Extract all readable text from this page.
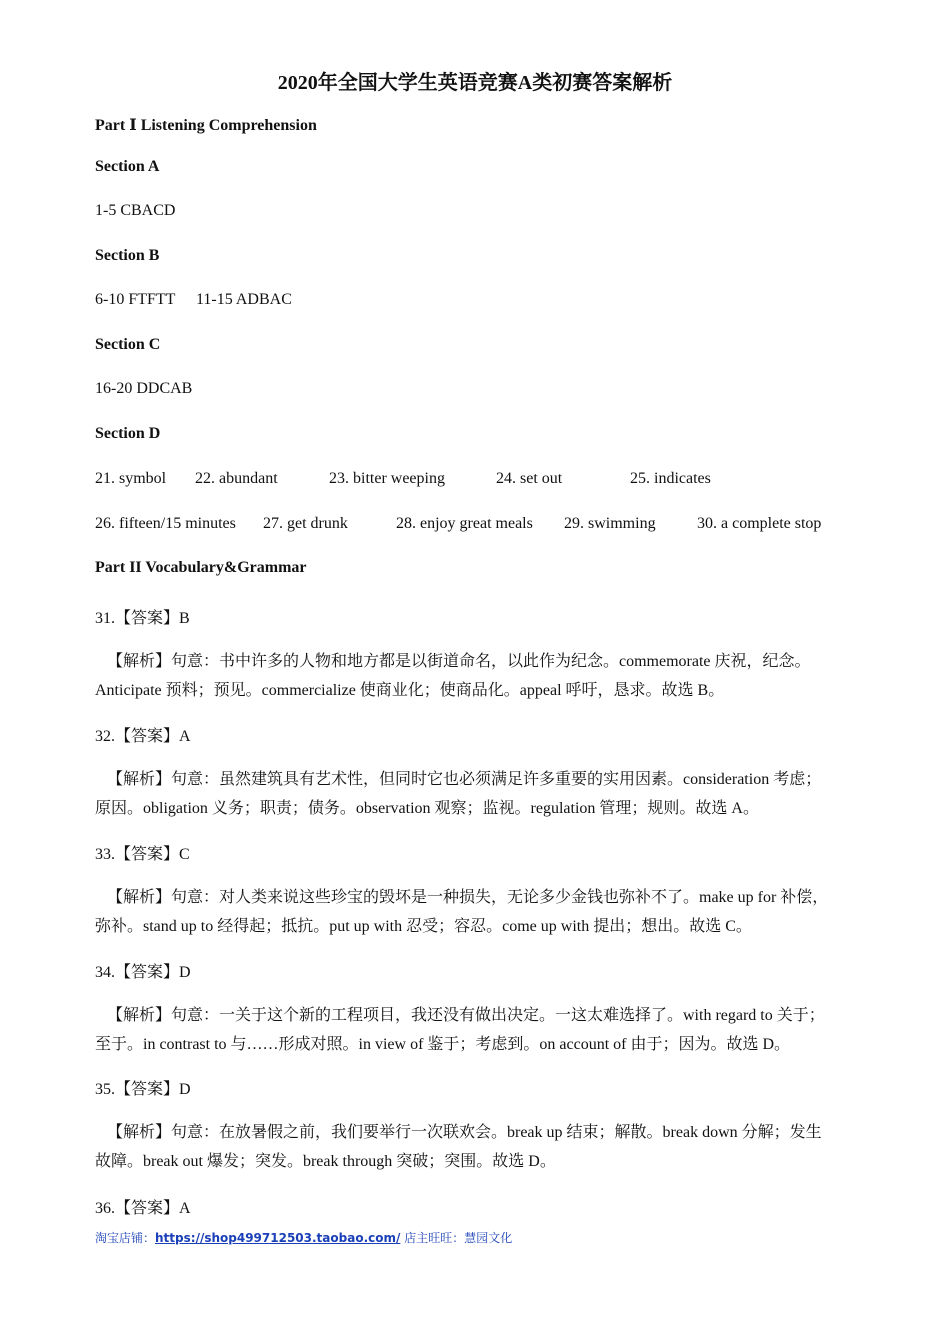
2020年全国大学生英语竞赛A类初赛答案解析
Part Ⅰ Listening Comprehension
Section A
1-5 CBACD
Section B
6-10 FTFTT 11-15 ADBAC
Section C
16-20 DDCAB
Section D
21. symbol 22. abundant	23. bitter weeping	24. set out	25. indicates
26. fifteen/15 minutes 27. get drunk	28. enjoy great meals 29. swimming	30. a complete stop
Part II Vocabulary&Grammar
31.【答案】B
【解析】句意：书中许多的人物和地方都是以街道命名，以此作为纪念。commemorate 庆祝，纪念。
Anticipate 预料；预见。commercialize 使商业化；使商品化。appeal 呼吁，恳求。故选 B。
32.【答案】A
【解析】句意：虽然建筑具有艺术性，但同时它也必须满足许多重要的实用因素。consideration 考虑；
原因。obligation 义务；职责；债务。observation 观察；监视。regulation 管理；规则。故选 A。
33.【答案】C
【解析】句意：对人类来说这些珍宝的毁坏是一种损失，无论多少金钱也弥补不了。make up for 补偿，
弥补。stand up to 经得起；抵抗。put up with 忍受；容忍。come up with 提出；想出。故选 C。
34.【答案】D
【解析】句意：一关于这个新的工程项目，我还没有做出决定。一这太难选择了。with regard to 关于；
至于。in contrast to 与……形成对照。in view of 鉴于；考虑到。on account of 由于；因为。故选 D。
35.【答案】D
【解析】句意：在放暑假之前，我们要举行一次联欢会。break up 结束；解散。break down 分解；发生
故障。break out 爆发；突发。break through 突破；突围。故选 D。
36.【答案】A
淘宝店铺：https://shop499712503.taobao.com/ 店主旺旺：慧园文化
